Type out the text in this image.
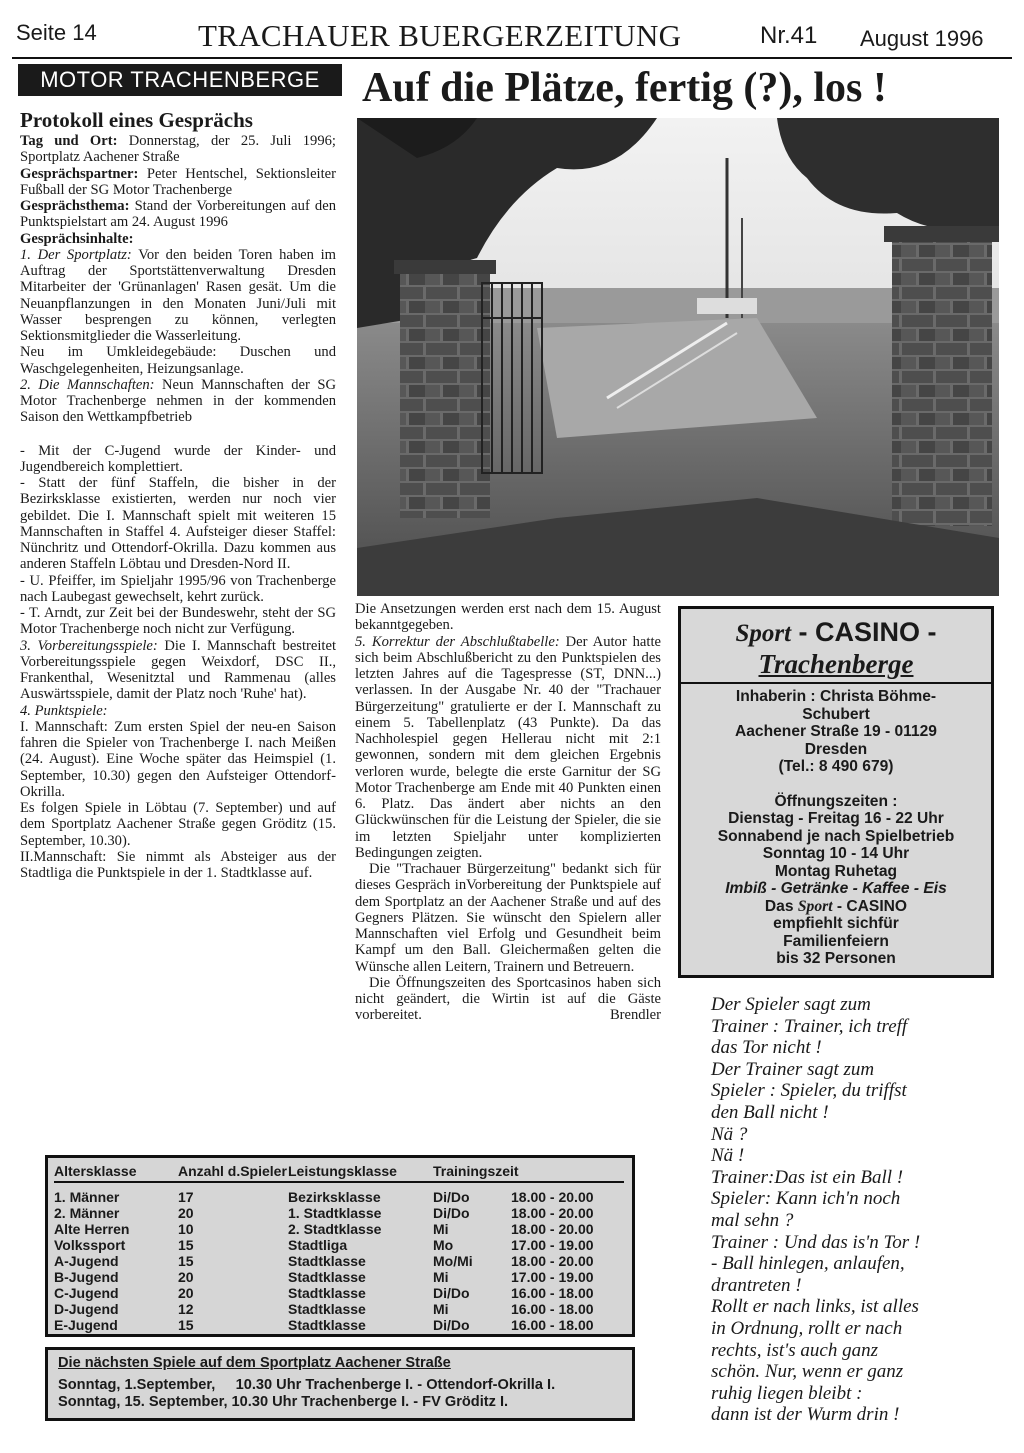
Seite 14	TRACHAUER BUERGERZEITUNG	Nr.41 August 1996
MOTOR TRACHENBERGE	Auf die Plätze, fertig (?), los !

Protokoll eines Gesprächs

Tag und Ort: Donnerstag, der 25. Juli 1996; Sportplatz Aachener Straße

Gesprächspartner: Peter Hentschel, Sektionsleiter Fußball der SG Motor Trachenberge

Gesprächsthema: Stand der Vorbereitungen auf den Punktspielstart am 24. August 1996

Gesprächsinhalte:

1. Der Sportplatz: Vor den beiden Toren haben im Auftrag der Sportstättenverwaltung Dresden Mitarbeiter der 'Grünanlagen' Rasen gesät. Um die Neuanpflanzungen in den Monaten Juni/Juli mit Wasser besprengen zu können, verlegten Sektionsmitglieder die Wasserleitung.

Neu im Umkleidegebäude: Duschen und Waschgelegenheiten, Heizungsanlage.

2. Die Mannschaften: Neun Mannschaften der SG Motor Trachenberge nehmen in der kommenden Saison den Wettkampfbetrieb

- Mit der C-Jugend wurde der Kinder- und Jugendbereich komplettiert.

- Statt der fünf Staffeln, die bisher in der Bezirksklasse existierten, werden nur noch vier gebildet. Die I. Mannschaft spielt mit weiteren 15 Mannschaften in Staffel 4. Aufsteiger dieser Staffel: Nünchritz und Ottendorf-Okrilla. Dazu kommen aus anderen Staffeln Löbtau und Dresden-Nord II.

- U. Pfeiffer, im Spieljahr 1995/96 von Trachenberge nach Laubegast gewechselt, kehrt zurück.

- T. Arndt, zur Zeit bei der Bundeswehr, steht der SG Motor Trachenberge noch nicht zur Verfügung.

3. Vorbereitungsspiele: Die I. Mannschaft bestreitet Vorbereitungsspiele gegen Weixdorf, DSC II., Frankenthal, Wesenitztal und Rammenau (alles Auswärtsspiele, damit der Platz noch 'Ruhe' hat).

4. Punktspiele:

I. Mannschaft: Zum ersten Spiel der neu-en Saison fahren die Spieler von Trachenberge I. nach Meißen (24. August). Eine Woche später das Heimspiel (1. September, 10.30) gegen den Aufsteiger Ottendorf-Okrilla.

Es folgen Spiele in Löbtau (7. September) und auf dem Sportplatz Aachener Straße gegen Gröditz (15. September, 10.30).

II.Mannschaft: Sie nimmt als Absteiger aus der Stadtliga die Punktspiele in der 1. Stadtklasse auf.

Die Ansetzungen werden erst nach dem 15. August bekanntgegeben.

5. Korrektur der Abschlußtabelle: Der Autor hatte sich beim Abschlußbericht zu den Punktspielen des letzten Jahres auf die Tagespresse (ST, DNN...) verlassen. In der Ausgabe Nr. 40 der "Trachauer Bürgerzeitung" gratulierte er der I. Mannschaft zu einem 5. Tabellenplatz (43 Punkte). Da das Nachholespiel gegen Hellerau nicht mit 2:1 gewonnen, sondern mit dem gleichen Ergebnis verloren wurde, belegte die erste Garnitur der SG Motor Trachenberge am Ende mit 40 Punkten einen 6. Platz. Das ändert aber nichts an den Glückwünschen für die Leistung der Spieler, die sie im letzten Spieljahr unter komplizierten Bedingungen zeigten.

Die "Trachauer Bürgerzeitung" bedankt sich für dieses Gespräch inVorbereitung der Punktspiele auf dem Sportplatz an der Aachener Straße und auf des Gegners Plätzen. Sie wünscht den Spielern aller Mannschaften viel Erfolg und Gesundheit beim Kampf um den Ball. Gleichermaßen gelten die Wünsche allen Leitern, Trainern und Betreuern.

Die Öffnungszeiten des Sportcasinos haben sich nicht geändert, die Wirtin ist auf die Gäste vorbereitet.	Brendler

Sport - CASINO -
Trachenberge
Inhaberin : Christa Böhme-
Schubert
Aachener Straße 19 - 01129
Dresden
(Tel.: 8 490 679)
Öffnungszeiten :
Dienstag - Freitag 16 - 22 Uhr
Sonnabend je nach Spielbetrieb
Sonntag 10 - 14 Uhr
Montag Ruhetag
Imbiß - Getränke - Kaffee - Eis
Das Sport - CASINO
empfiehlt sichfür
Familienfeiern
bis 32 Personen
Der Spieler sagt zum
Trainer : Trainer, ich treff
das Tor nicht !
Der Trainer sagt zum
Spieler : Spieler, du triffst
den Ball nicht !
Nä ?
Nä !
Trainer:Das ist ein Ball !
Spieler: Kann ich'n noch
mal sehn ?
Trainer : Und das is'n Tor !
- Ball hinlegen, anlaufen,
drantreten !
Rollt er nach links, ist alles
in Ordnung, rollt er nach
rechts, ist's auch ganz
schön. Nur, wenn er ganz
ruhig liegen bleibt :
dann ist der Wurm drin !
Altersklasse	Anzahl d.Spieler	Leistungsklasse	Trainingszeit	
1. Männer	17	Bezirksklasse	Di/Do	18.00 - 20.00
2. Männer	20	1. Stadtklasse	Di/Do	18.00 - 20.00
Alte Herren	10	2. Stadtklasse	Mi	18.00 - 20.00
Volkssport	15	Stadtliga	Mo	17.00 - 19.00
A-Jugend	15	Stadtklasse	Mo/Mi	18.00 - 20.00
B-Jugend	20	Stadtklasse	Mi	17.00 - 19.00
C-Jugend	20	Stadtklasse	Di/Do	16.00 - 18.00
D-Jugend	12	Stadtklasse	Mi	16.00 - 18.00
E-Jugend	15	Stadtklasse	Di/Do	16.00 - 18.00
Die nächsten Spiele auf dem Sportplatz Aachener Straße
Sonntag, 1.September,     10.30 Uhr Trachenberge I. - Ottendorf-Okrilla I.
Sonntag, 15. September, 10.30 Uhr Trachenberge I. - FV Gröditz I.
